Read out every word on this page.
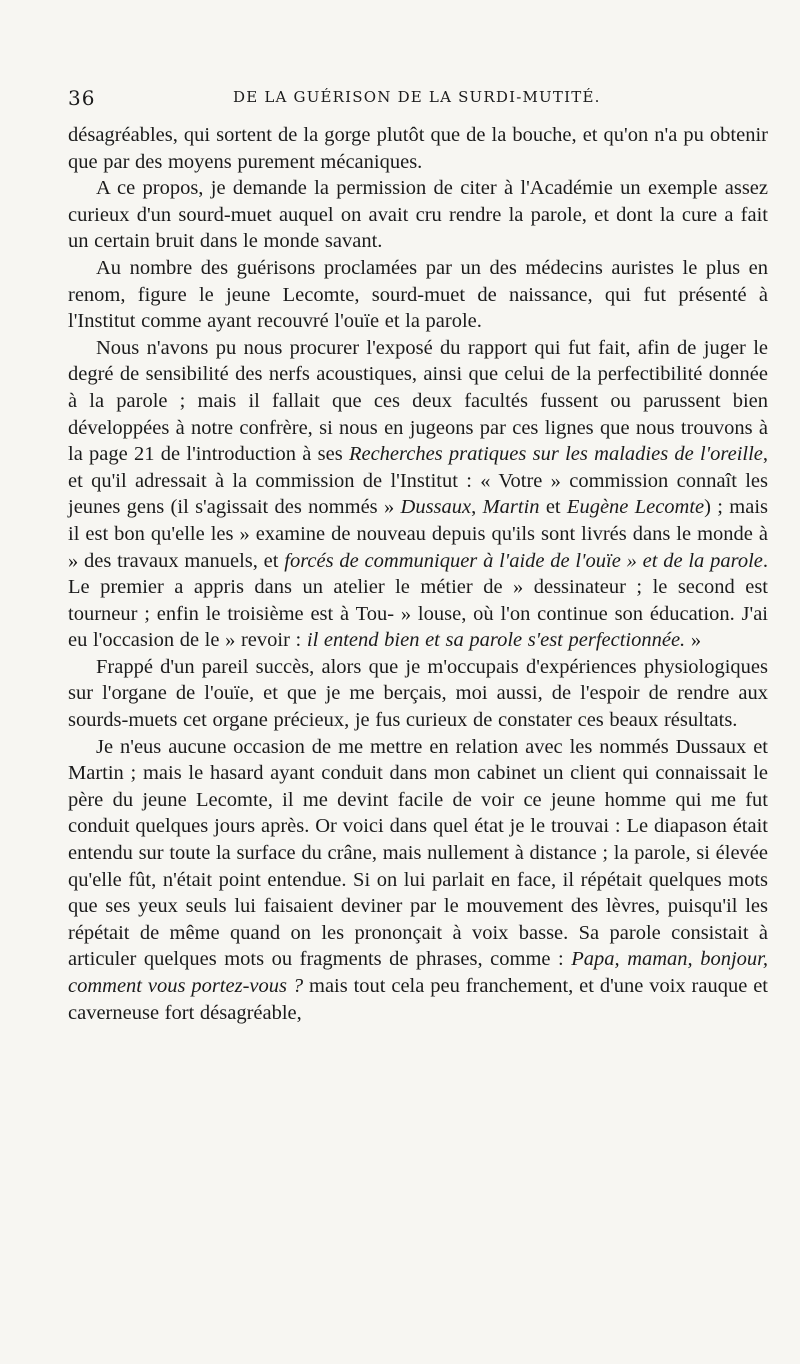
36	DE LA GUÉRISON DE LA SURDI-MUTITÉ.

désagréables, qui sortent de la gorge plutôt que de la bouche, et qu'on n'a pu obtenir que par des moyens purement mécaniques.

A ce propos, je demande la permission de citer à l'Académie un exemple assez curieux d'un sourd-muet auquel on avait cru rendre la parole, et dont la cure a fait un certain bruit dans le monde savant.

Au nombre des guérisons proclamées par un des médecins auristes le plus en renom, figure le jeune Lecomte, sourd-muet de naissance, qui fut présenté à l'Institut comme ayant recouvré l'ouïe et la parole.

Nous n'avons pu nous procurer l'exposé du rapport qui fut fait, afin de juger le degré de sensibilité des nerfs acoustiques, ainsi que celui de la perfectibilité donnée à la parole ; mais il fallait que ces deux facultés fussent ou parussent bien développées à notre confrère, si nous en jugeons par ces lignes que nous trouvons à la page 21 de l'introduction à ses Recherches pratiques sur les maladies de l'oreille, et qu'il adressait à la commission de l'Institut : « Votre » commission connaît les jeunes gens (il s'agissait des nommés » Dussaux, Martin et Eugène Lecomte) ; mais il est bon qu'elle les » examine de nouveau depuis qu'ils sont livrés dans le monde à » des travaux manuels, et forcés de communiquer à l'aide de l'ouïe » et de la parole. Le premier a appris dans un atelier le métier de » dessinateur ; le second est tourneur ; enfin le troisième est à Tou- » louse, où l'on continue son éducation. J'ai eu l'occasion de le » revoir : il entend bien et sa parole s'est perfectionnée. »

Frappé d'un pareil succès, alors que je m'occupais d'expériences physiologiques sur l'organe de l'ouïe, et que je me berçais, moi aussi, de l'espoir de rendre aux sourds-muets cet organe précieux, je fus curieux de constater ces beaux résultats.

Je n'eus aucune occasion de me mettre en relation avec les nommés Dussaux et Martin ; mais le hasard ayant conduit dans mon cabinet un client qui connaissait le père du jeune Lecomte, il me devint facile de voir ce jeune homme qui me fut conduit quelques jours après. Or voici dans quel état je le trouvai : Le diapason était entendu sur toute la surface du crâne, mais nullement à distance ; la parole, si élevée qu'elle fût, n'était point entendue. Si on lui parlait en face, il répétait quelques mots que ses yeux seuls lui faisaient deviner par le mouvement des lèvres, puisqu'il les répétait de même quand on les prononçait à voix basse. Sa parole consistait à articuler quelques mots ou fragments de phrases, comme : Papa, maman, bonjour, comment vous portez-vous ? mais tout cela peu franchement, et d'une voix rauque et caverneuse fort désagréable,
